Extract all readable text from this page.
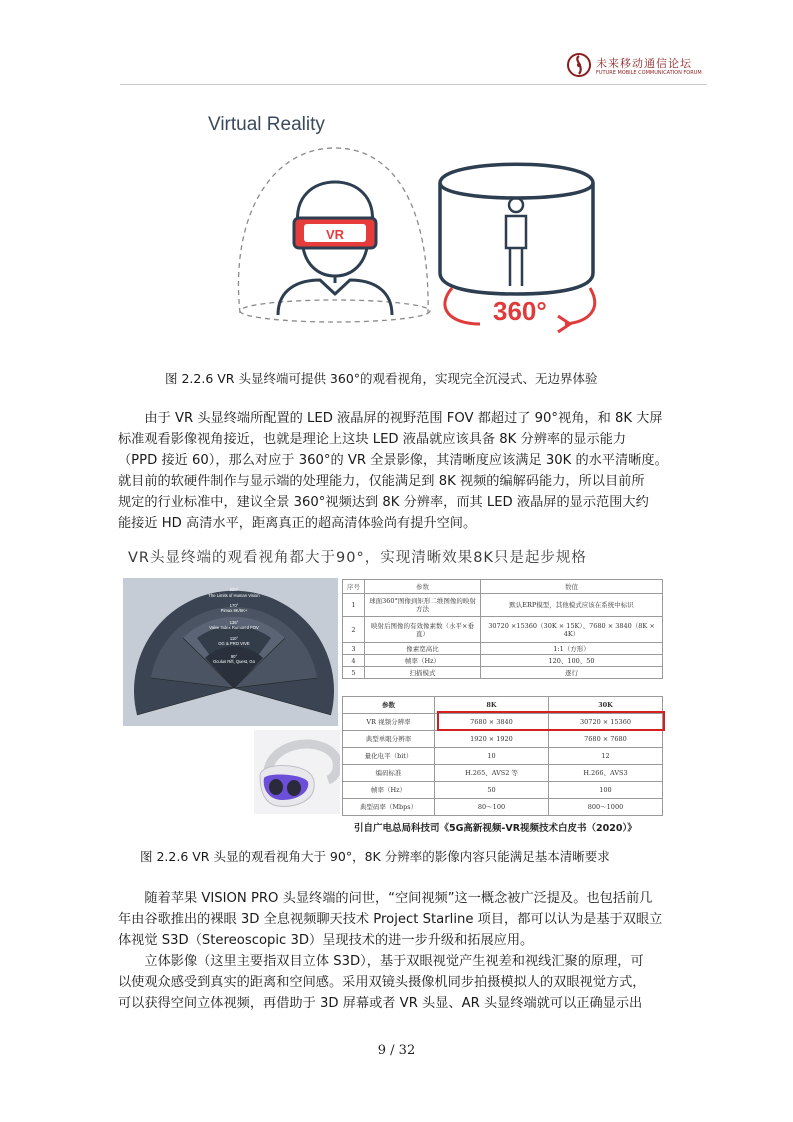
未来移动通信论坛
FUTURE MOBILE COMMUNICATION FORUM
VR
Virtual Reality
360°
图 2.2.6 VR 头显终端可提供 360°的观看视角，实现完全沉浸式、无边界体验

由于 VR 头显终端所配置的 LED 液晶屏的视野范围 FOV 都超过了 90°视角，和 8K 大屏

标准观看影像视角接近，也就是理论上这块 LED 液晶就应该具备 8K 分辨率的显示能力

（PPD 接近 60），那么对应于 360°的 VR 全景影像，其清晰度应该满足 30K 的水平清晰度。

就目前的软硬件制作与显示端的处理能力，仅能满足到 8K 视频的编解码能力，所以目前所

规定的行业标准中，建议全景 360°视频达到 8K 分辨率，而其 LED 液晶屏的显示范围大约

能接近 HD 高清水平，距离真正的超高清体验尚有提升空间。

VR头显终端的观看视角都大于90°，实现清晰效果8K只是起步规格
220°
The Limits of Human Vision
170°
Pimax 8K/5K+
135°
Valve Index Rumored FOV
110°
OG & PRO VIVE
90°
Oculus Rift, Quest, Go
序号	参数	数值
1	球面360°图像到矩形二维图像的映射方法	默认ERP模型，其他模式应该在系统中标识
2	映射后图像的有效像素数（水平×垂直）	30720 ×15360（30K × 15K）、7680 × 3840（8K × 4K）
3	像素宽高比	1:1（方形）
4	帧率（Hz）	120、100、50
5	扫描模式	逐行
参数	8K	30K
VR 视频分辨率	7680 × 3840	30720 × 15360
典型单眼分辨率	1920 × 1920	7680 × 7680
量化电平（bit）	10	12
编码标准	H.265、AVS2 等	H.266、AVS3
帧率（Hz）	50	100
典型码率（Mbps）	80～100	800～1000
引自广电总局科技司《5G高新视频-VR视频技术白皮书（2020）》
图 2.2.6 VR 头显的观看视角大于 90°，8K 分辨率的影像内容只能满足基本清晰要求

随着苹果 VISION PRO 头显终端的问世，“空间视频”这一概念被广泛提及。也包括前几

年由谷歌推出的裸眼 3D 全息视频聊天技术 Project Starline 项目，都可以认为是基于双眼立

体视觉 S3D（Stereoscopic 3D）呈现技术的进一步升级和拓展应用。

立体影像（这里主要指双目立体 S3D），基于双眼视觉产生视差和视线汇聚的原理，可

以使观众感受到真实的距离和空间感。采用双镜头摄像机同步拍摄模拟人的双眼视觉方式，

可以获得空间立体视频，再借助于 3D 屏幕或者 VR 头显、AR 头显终端就可以正确显示出

9 / 32
